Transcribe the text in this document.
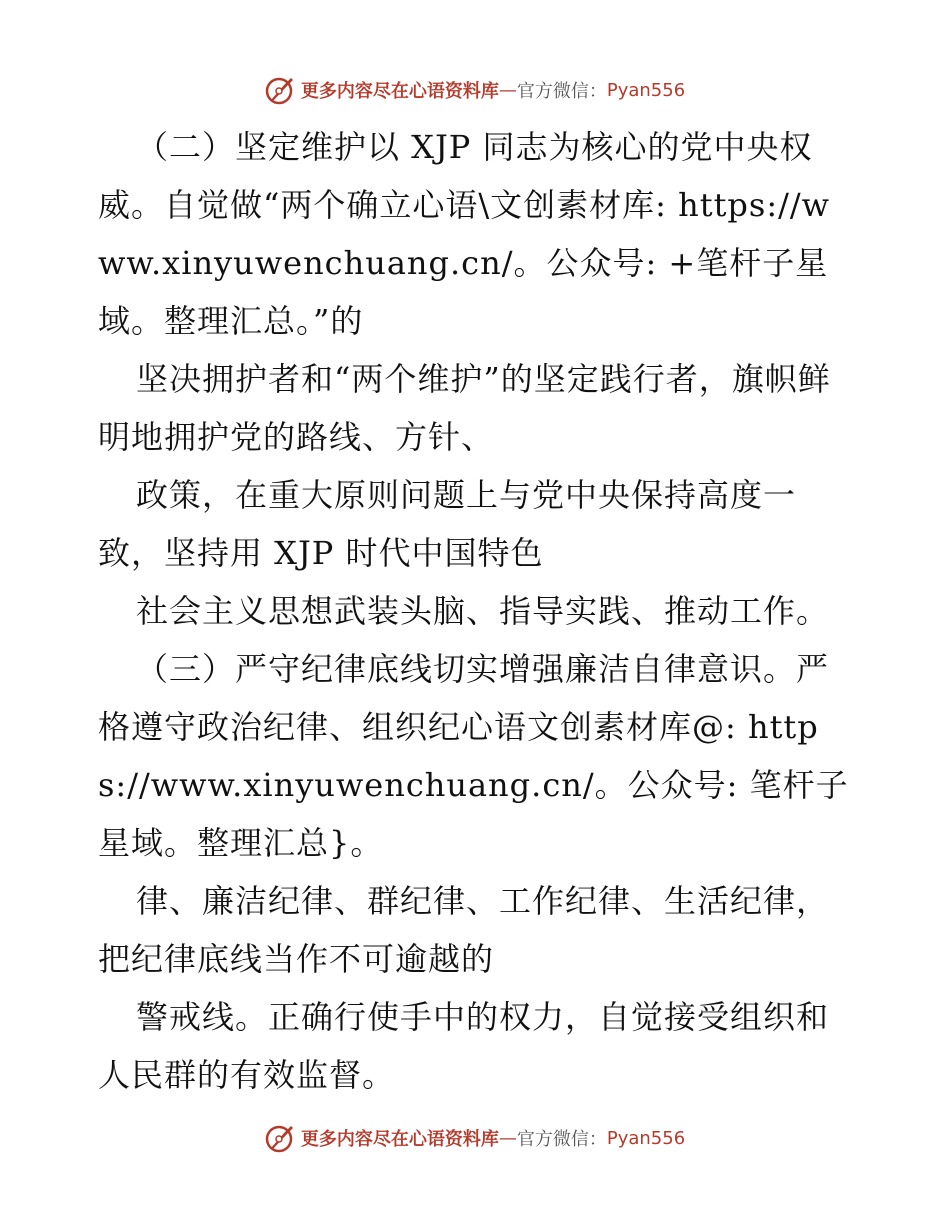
更多内容尽在心语资料库 — 官方微信： Pyan556

（二）坚定维护以 XJP 同志为核心的党中央权威。自觉做“两个确立心语\文创素材库: https://www.xinyuwenchuang.cn/。公众号: +笔杆子星域。整理汇总。”的

坚决拥护者和“两个维护”的坚定践行者，旗帜鲜明地拥护党的路线、方针、

政策，在重大原则问题上与党中央保持高度一致，坚持用 XJP 时代中国特色

社会主义思想武装头脑、指导实践、推动工作。

（三）严守纪律底线切实增强廉洁自律意识。严格遵守政治纪律、组织纪心语文创素材库@: https://www.xinyuwenchuang.cn/。公众号: 笔杆子星域。整理汇总}。

律、廉洁纪律、群纪律、工作纪律、生活纪律，把纪律底线当作不可逾越的

警戒线。正确行使手中的权力，自觉接受组织和人民群的有效监督。

更多内容尽在心语资料库 — 官方微信： Pyan556
